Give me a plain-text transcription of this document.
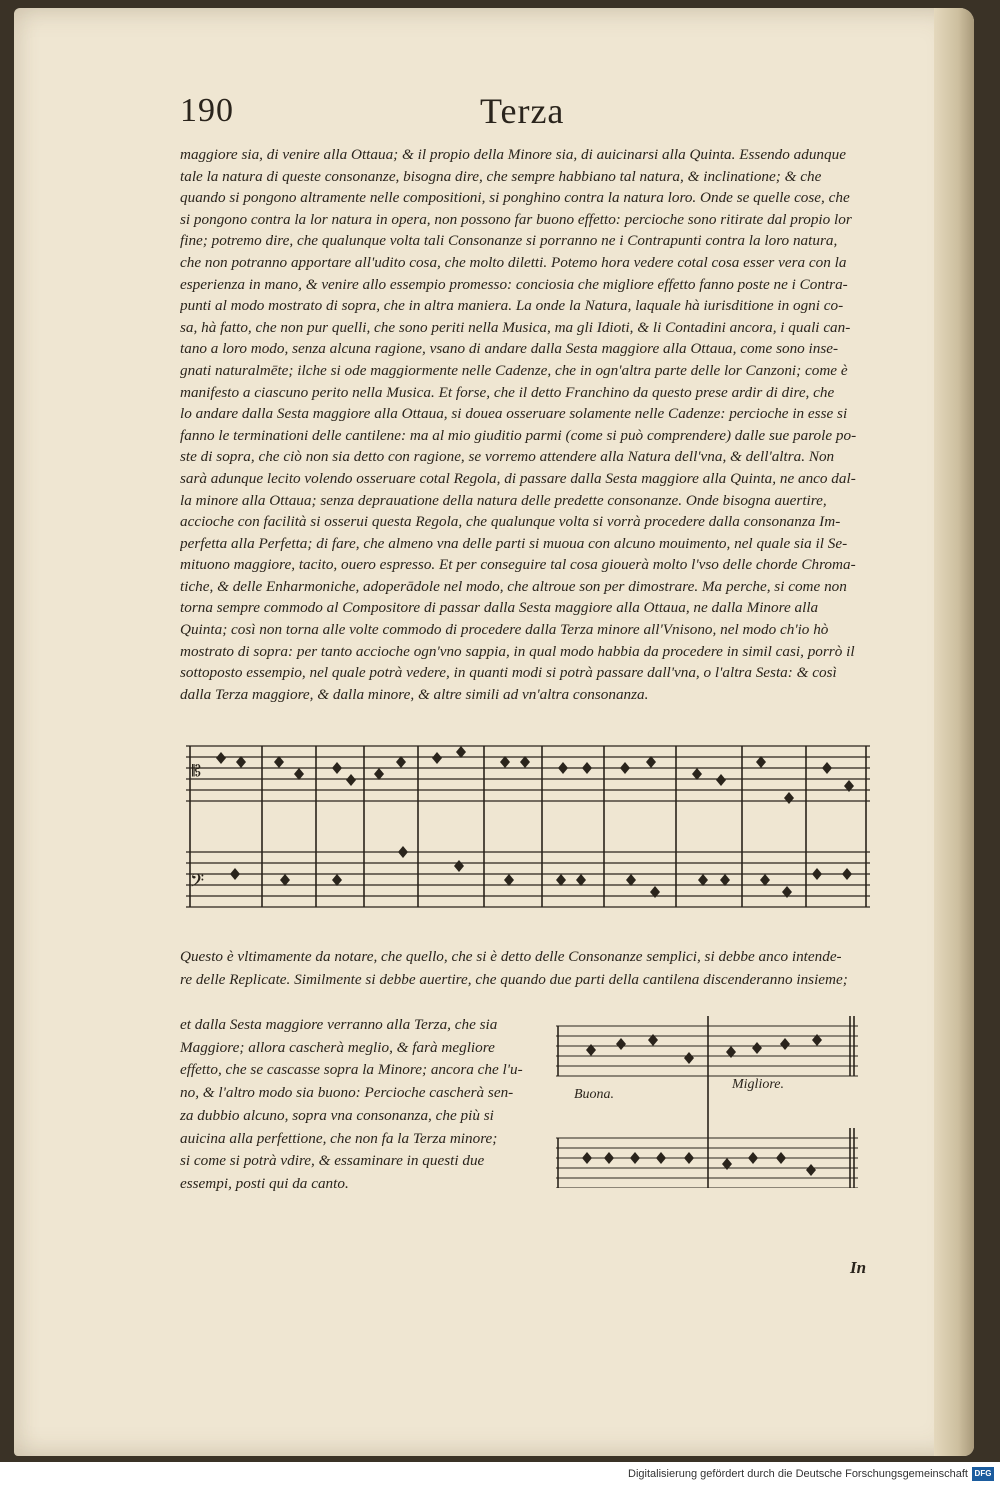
190	Terza
maggiore sia, di venire alla Ottaua; & il propio della Minore sia, di auicinarsi alla Quinta. Essendo adunque
tale la natura di queste consonanze, bisogna dire, che sempre habbiano tal natura, & inclinatione; & che
quando si pongono altramente nelle compositioni, si ponghino contra la natura loro. Onde se quelle cose, che
si pongono contra la lor natura in opera, non possono far buono effetto: percioche sono ritirate dal propio lor
fine; potremo dire, che qualunque volta tali Consonanze si porranno ne i Contrapunti contra la loro natura,
che non potranno apportare all'udito cosa, che molto diletti. Potemo hora vedere cotal cosa esser vera con la
esperienza in mano, & venire allo essempio promesso: conciosia che migliore effetto fanno poste ne i Contra-
punti al modo mostrato di sopra, che in altra maniera. La onde la Natura, laquale hà iurisditione in ogni co-
sa, hà fatto, che non pur quelli, che sono periti nella Musica, ma gli Idioti, & li Contadini ancora, i quali can-
tano a loro modo, senza alcuna ragione, vsano di andare dalla Sesta maggiore alla Ottaua, come sono inse-
gnati naturalmēte; ilche si ode maggiormente nelle Cadenze, che in ogn'altra parte delle lor Canzoni; come è
manifesto a ciascuno perito nella Musica. Et forse, che il detto Franchino da questo prese ardir di dire, che
lo andare dalla Sesta maggiore alla Ottaua, si doueа osseruare solamente nelle Cadenze: percioche in esse si
fanno le terminationi delle cantilene: ma al mio giuditio parmi (come si può comprendere) dalle sue parole po-
ste di sopra, che ciò non sia detto con ragione, se vorremo attendere alla Natura dell'vna, & dell'altra. Non
sarà adunque lecito volendo osseruare cotal Regola, di passare dalla Sesta maggiore alla Quinta, ne anco dal-
la minore alla Ottaua; senza deprauatione della natura delle predette consonanze. Onde bisogna auertire,
accioche con facilità si osserui questa Regola, che qualunque volta si vorrà procedere dalla consonanza Im-
perfetta alla Perfetta; di fare, che almeno vna delle parti si muoua con alcuno mouimento, nel quale sia il Se-
mituono maggiore, tacito, ouero espresso. Et per conseguire tal cosa giouerà molto l'vso delle chorde Chroma-
tiche, & delle Enharmoniche, adoperādole nel modo, che altroue son per dimostrare. Ma perche, si come non
torna sempre commodo al Compositore di passar dalla Sesta maggiore alla Ottaua, ne dalla Minore alla
Quinta; così non torna alle volte commodo di procedere dalla Terza minore all'Vnisono, nel modo ch'io hò
mostrato di sopra: per tanto accioche ogn'vno sappia, in qual modo habbia da procedere in simil casi, porrò il
sottoposto essempio, nel quale potrà vedere, in quanti modi si potrà passare dall'vna, o l'altra Sesta: & così
dalla Terza maggiore, & dalla minore, & altre simili ad vn'altra consonanza.
𝄡
𝄢
Questo è vltimamente da notare, che quello, che si è detto delle Consonanze semplici, si debbe anco intende-
re delle Replicate. Similmente si debbe auertire, che quando due parti della cantilena discenderanno insieme;
et dalla Sesta maggiore verranno alla Terza, che sia
Maggiore; allora cascherà meglio, & farà megliore
effetto, che se cascasse sopra la Minore; ancora che l'u-
no, & l'altro modo sia buono: Percioche cascherà sen-
za dubbio alcuno, sopra vna consonanza, che più si
auicina alla perfettione, che non fa la Terza minore;
si come si potrà vdire, & essaminare in questi due
essempi, posti qui da canto.
Buona.
Migliore.
In
Digitalisierung gefördert durch die Deutsche Forschungsgemeinschaft DFG
